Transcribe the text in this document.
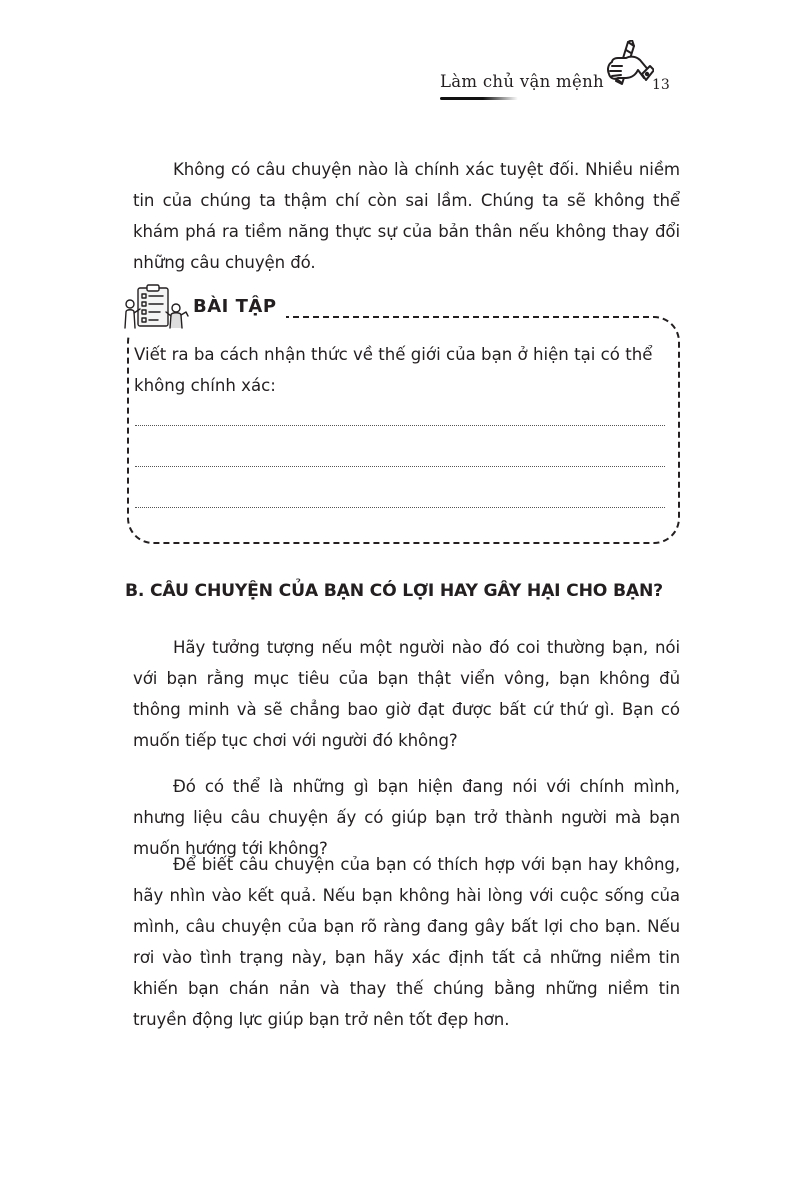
Làm chủ vận mệnh	13

Không có câu chuyện nào là chính xác tuyệt đối. Nhiều niềm tin của chúng ta thậm chí còn sai lầm. Chúng ta sẽ không thể khám phá ra tiềm năng thực sự của bản thân nếu không thay đổi những câu chuyện đó.

BÀI TẬP

Viết ra ba cách nhận thức về thế giới của bạn ở hiện tại có thể không chính xác:

B. CÂU CHUYỆN CỦA BẠN CÓ LỢI HAY GÂY HẠI CHO BẠN?

Hãy tưởng tượng nếu một người nào đó coi thường bạn, nói với bạn rằng mục tiêu của bạn thật viển vông, bạn không đủ thông minh và sẽ chẳng bao giờ đạt được bất cứ thứ gì. Bạn có muốn tiếp tục chơi với người đó không?

Đó có thể là những gì bạn hiện đang nói với chính mình, nhưng liệu câu chuyện ấy có giúp bạn trở thành người mà bạn muốn hướng tới không?

Để biết câu chuyện của bạn có thích hợp với bạn hay không, hãy nhìn vào kết quả. Nếu bạn không hài lòng với cuộc sống của mình, câu chuyện của bạn rõ ràng đang gây bất lợi cho bạn. Nếu rơi vào tình trạng này, bạn hãy xác định tất cả những niềm tin khiến bạn chán nản và thay thế chúng bằng những niềm tin truyền động lực giúp bạn trở nên tốt đẹp hơn.
